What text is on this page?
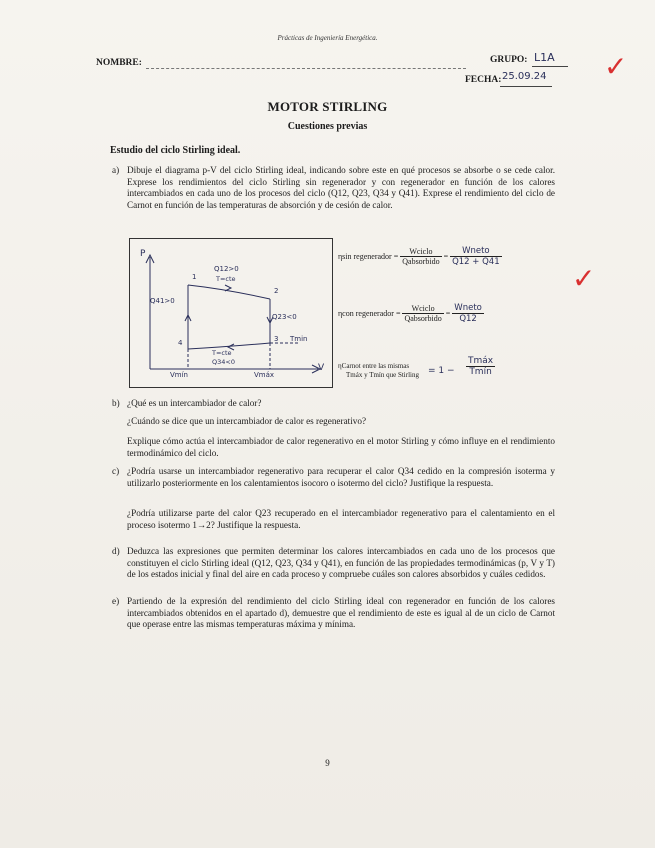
Prácticas de Ingeniería Energética.
NOMBRE:	GRUPO: L1A
FECHA: 25.09.24 ✓
✓
MOTOR STIRLING
Cuestiones previas
Estudio del ciclo Stirling ideal.
a) Dibuje el diagrama p-V del ciclo Stirling ideal, indicando sobre este en qué procesos se absorbe o se cede calor. Exprese los rendimientos del ciclo Stirling sin regenerador y con regenerador en función de los calores intercambiados en cada uno de los procesos del ciclo (Q12, Q23, Q34 y Q41). Exprese el rendimiento del ciclo de Carnot en función de las temperaturas de absorción y de cesión de calor.
P
V
1
2
3
4
Q12>0
T=cte
Q41>0
Q23<0
T=cte
Q34<0
Tmin
Vmín	Vmáx
ηsin regenerador = $\frac{\text{Wciclo}}{\text{Qabsorbido}} = \frac{\text{Wneto}}{Q12 + Q41}$
ηcon regenerador = $\frac{\text{Wciclo}}{\text{Qabsorbido}} = \frac{\text{Wneto}}{Q12}$
ηCarnot entre las mismas
Tmáx y Tmín que Stirling = $1 - \frac{\text{Tmáx}}{\text{Tmín}}$
b) ¿Qué es un intercambiador de calor?
¿Cuándo se dice que un intercambiador de calor es regenerativo?
Explique cómo actúa el intercambiador de calor regenerativo en el motor Stirling y cómo influye en el rendimiento termodinámico del ciclo.
c) ¿Podría usarse un intercambiador regenerativo para recuperar el calor Q34 cedido en la compresión isoterma y utilizarlo posteriormente en los calentamientos isocoro o isotermo del ciclo? Justifique la respuesta.
¿Podría utilizarse parte del calor Q23 recuperado en el intercambiador regenerativo para el calentamiento en el proceso isotermo 1→2? Justifique la respuesta.
d) Deduzca las expresiones que permiten determinar los calores intercambiados en cada uno de los procesos que constituyen el ciclo Stirling ideal (Q12, Q23, Q34 y Q41), en función de las propiedades termodinámicas (p, V y T) de los estados inicial y final del aire en cada proceso y compruebe cuáles son calores absorbidos y cuáles cedidos.
e) Partiendo de la expresión del rendimiento del ciclo Stirling ideal con regenerador en función de los calores intercambiados obtenidos en el apartado d), demuestre que el rendimiento de este es igual al de un ciclo de Carnot que operase entre las mismas temperaturas máxima y mínima.
9
